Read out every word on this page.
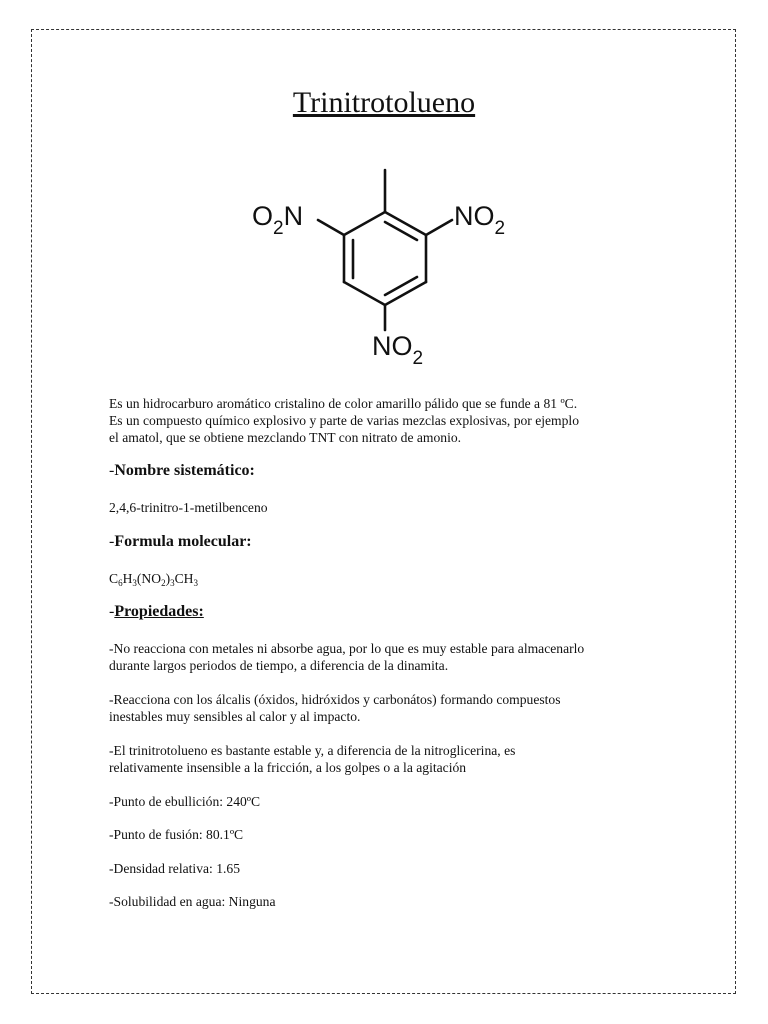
Trinitrotolueno
$O_2N$	$NO_2$
$NO_2$
Es un hidrocarburo aromático cristalino de color amarillo pálido que se funde a 81 ºC.
Es un compuesto químico explosivo y parte de varias mezclas explosivas, por ejemplo
el amatol, que se obtiene mezclando TNT con nitrato de amonio.
-Nombre sistemático:
2,4,6-trinitro-1-metilbenceno
-Formula molecular:
$C_6H_3(NO_2)_3CH_3$
-Propiedades:
-No reacciona con metales ni absorbe agua, por lo que es muy estable para almacenarlo
durante largos periodos de tiempo, a diferencia de la dinamita.
-Reacciona con los álcalis (óxidos, hidróxidos y carbonátos) formando compuestos
inestables muy sensibles al calor y al impacto.
-El trinitrotolueno es bastante estable y, a diferencia de la nitroglicerina, es
relativamente insensible a la fricción, a los golpes o a la agitación
-Punto de ebullición: 240ºC
-Punto de fusión: 80.1ºC
-Densidad relativa: 1.65
-Solubilidad en agua: Ninguna
